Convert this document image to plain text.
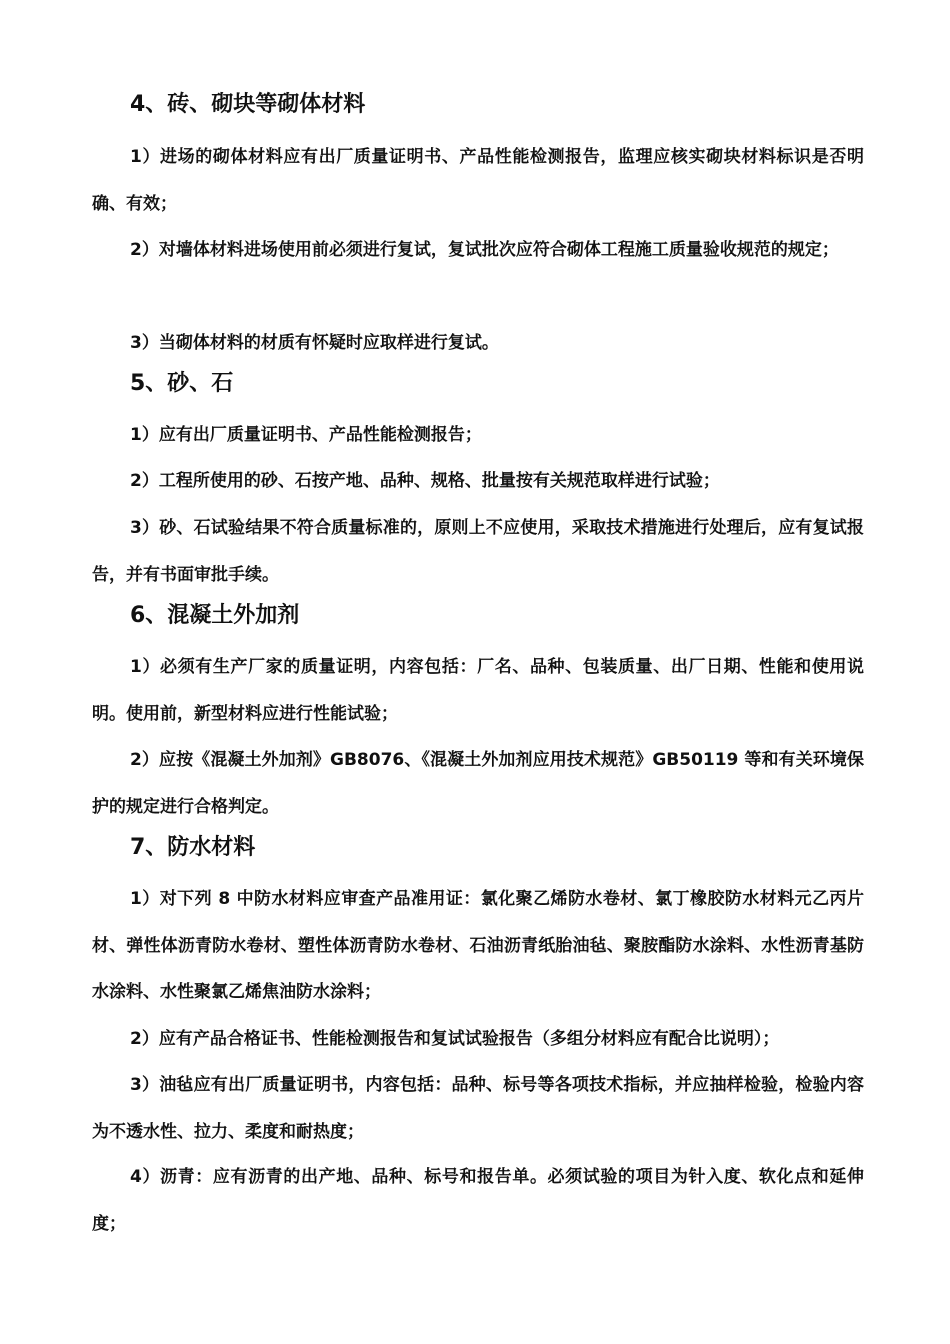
4、砖、砌块等砌体材料

1）进场的砌体材料应有出厂质量证明书、产品性能检测报告，监理应核实砌块材料标识是否明确、有效；

2）对墙体材料进场使用前必须进行复试，复试批次应符合砌体工程施工质量验收规范的规定；

3）当砌体材料的材质有怀疑时应取样进行复试。

5、砂、石

1）应有出厂质量证明书、产品性能检测报告；

2）工程所使用的砂、石按产地、品种、规格、批量按有关规范取样进行试验；

3）砂、石试验结果不符合质量标准的，原则上不应使用，采取技术措施进行处理后，应有复试报告，并有书面审批手续。

6、混凝土外加剂

1）必须有生产厂家的质量证明，内容包括：厂名、品种、包装质量、出厂日期、性能和使用说明。使用前，新型材料应进行性能试验；

2）应按《混凝土外加剂》GB8076、《混凝土外加剂应用技术规范》GB50119 等和有关环境保护的规定进行合格判定。

7、防水材料

1）对下列 8 中防水材料应审查产品准用证：氯化聚乙烯防水卷材、氯丁橡胶防水材料元乙丙片材、弹性体沥青防水卷材、塑性体沥青防水卷材、石油沥青纸胎油毡、聚胺酯防水涂料、水性沥青基防水涂料、水性聚氯乙烯焦油防水涂料；

2）应有产品合格证书、性能检测报告和复试试验报告（多组分材料应有配合比说明）；

3）油毡应有出厂质量证明书，内容包括：品种、标号等各项技术指标，并应抽样检验，检验内容为不透水性、拉力、柔度和耐热度；

4）沥青：应有沥青的出产地、品种、标号和报告单。必须试验的项目为针入度、软化点和延伸度；
